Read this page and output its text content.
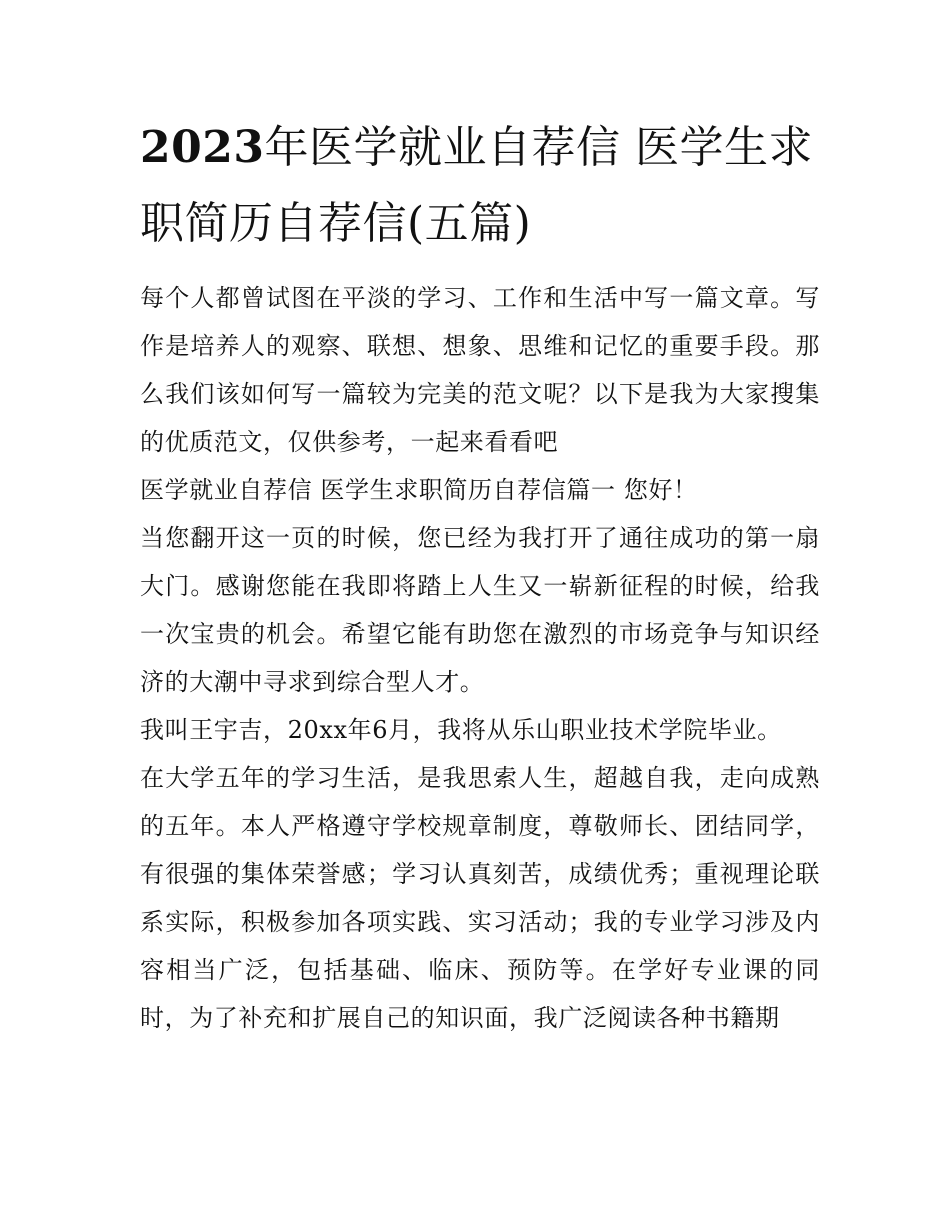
2023年医学就业自荐信 医学生求职简历自荐信(五篇)

每个人都曾试图在平淡的学习、工作和生活中写一篇文章。写作是培养人的观察、联想、想象、思维和记忆的重要手段。那么我们该如何写一篇较为完美的范文呢？以下是我为大家搜集的优质范文，仅供参考，一起来看看吧

医学就业自荐信 医学生求职简历自荐信篇一 您好！

当您翻开这一页的时候，您已经为我打开了通往成功的第一扇大门。感谢您能在我即将踏上人生又一崭新征程的时候，给我一次宝贵的机会。希望它能有助您在激烈的市场竞争与知识经济的大潮中寻求到综合型人才。

我叫王宇吉，20xx年6月，我将从乐山职业技术学院毕业。

在大学五年的学习生活，是我思索人生，超越自我，走向成熟的五年。本人严格遵守学校规章制度，尊敬师长、团结同学，有很强的集体荣誉感；学习认真刻苦，成绩优秀；重视理论联系实际，积极参加各项实践、实习活动；我的专业学习涉及内容相当广泛，包括基础、临床、预防等。在学好专业课的同时，为了补充和扩展自己的知识面，我广泛阅读各种书籍期
